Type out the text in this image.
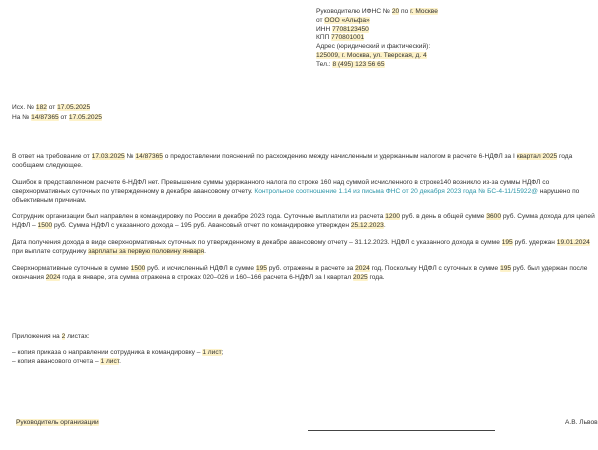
Руководителю ИФНС № 20 по г. Москве
от ООО «Альфа»
ИНН 7708123450
КПП 770801001
Адрес (юридический и фактический):
125009, г. Москва, ул. Тверская, д. 4
Тел.: 8 (495) 123 56 65
Исх. № 182 от 17.05.2025
На № 14/87365 от 17.05.2025

В ответ на требование от 17.03.2025 № 14/87365 о предоставлении пояснений по расхождению между начисленным и удержанным налогом в расчете 6-НДФЛ за I квартал 2025 года сообщаем следующее.

Ошибок в представленном расчете 6-НДФЛ нет. Превышение суммы удержанного налога по строке 160 над суммой исчисленного в строке140 возникло из-за суммы НДФЛ со сверхнормативных суточных по утвержденному в декабре авансовому отчету. Контрольное соотношение 1.14 из письма ФНС от 20 декабря 2023 года № БС-4-11/15922@ нарушено по объективным причинам.

Сотрудник организации был направлен в командировку по России в декабре 2023 года. Суточные выплатили из расчета 1200 руб. в день в общей сумме 3600 руб. Сумма дохода для целей НДФЛ – 1500 руб. Сумма НДФЛ с указанного дохода – 195 руб. Авансовый отчет по командировке утвержден 25.12.2023.

Дата получения дохода в виде сверхнормативных суточных по утвержденному в декабре авансовому отчету – 31.12.2023. НДФЛ с указанного дохода в сумме 195 руб. удержан 19.01.2024 при выплате сотруднику зарплаты за первую половину января.

Сверхнормативные суточные в сумме 1500 руб. и исчисленный НДФЛ в сумме 195 руб. отражены в расчете за 2024 год. Поскольку НДФЛ с суточных в сумме 195 руб. был удержан после окончания 2024 года в январе, эта сумма отражена в строках 020–026 и 160–166 расчета 6-НДФЛ за I квартал 2025 года.

Приложения на 2 листах:

– копия приказа о направлении сотрудника в командировку – 1 лист;

– копия авансового отчета – 1 лист.

Руководитель организации	А.В. Львов
